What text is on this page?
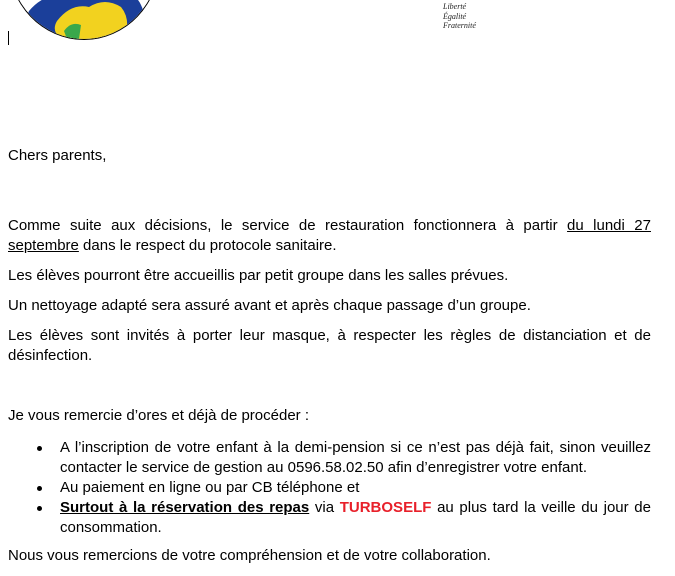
Liberté
Égalité
Fraternité

Chers parents,

Comme suite aux décisions, le service de restauration fonctionnera à partir du lundi 27 septembre dans le respect du protocole sanitaire.

Les élèves pourront être accueillis par petit groupe dans les salles prévues.

Un nettoyage adapté sera assuré avant et après chaque passage d’un groupe.

Les élèves sont invités à porter leur masque, à respecter les règles de distanciation et de désinfection.

Je vous remercie d’ores et déjà de procéder :

A l’inscription de votre enfant à la demi-pension si ce n’est pas déjà fait, sinon veuillez contacter le service de gestion au 0596.58.02.50 afin d’enregistrer votre enfant.
Au paiement en ligne ou par CB téléphone et
Surtout à la réservation des repas via TURBOSELF au plus tard la veille du jour de consommation.

Nous vous remercions de votre compréhension et de votre collaboration.
